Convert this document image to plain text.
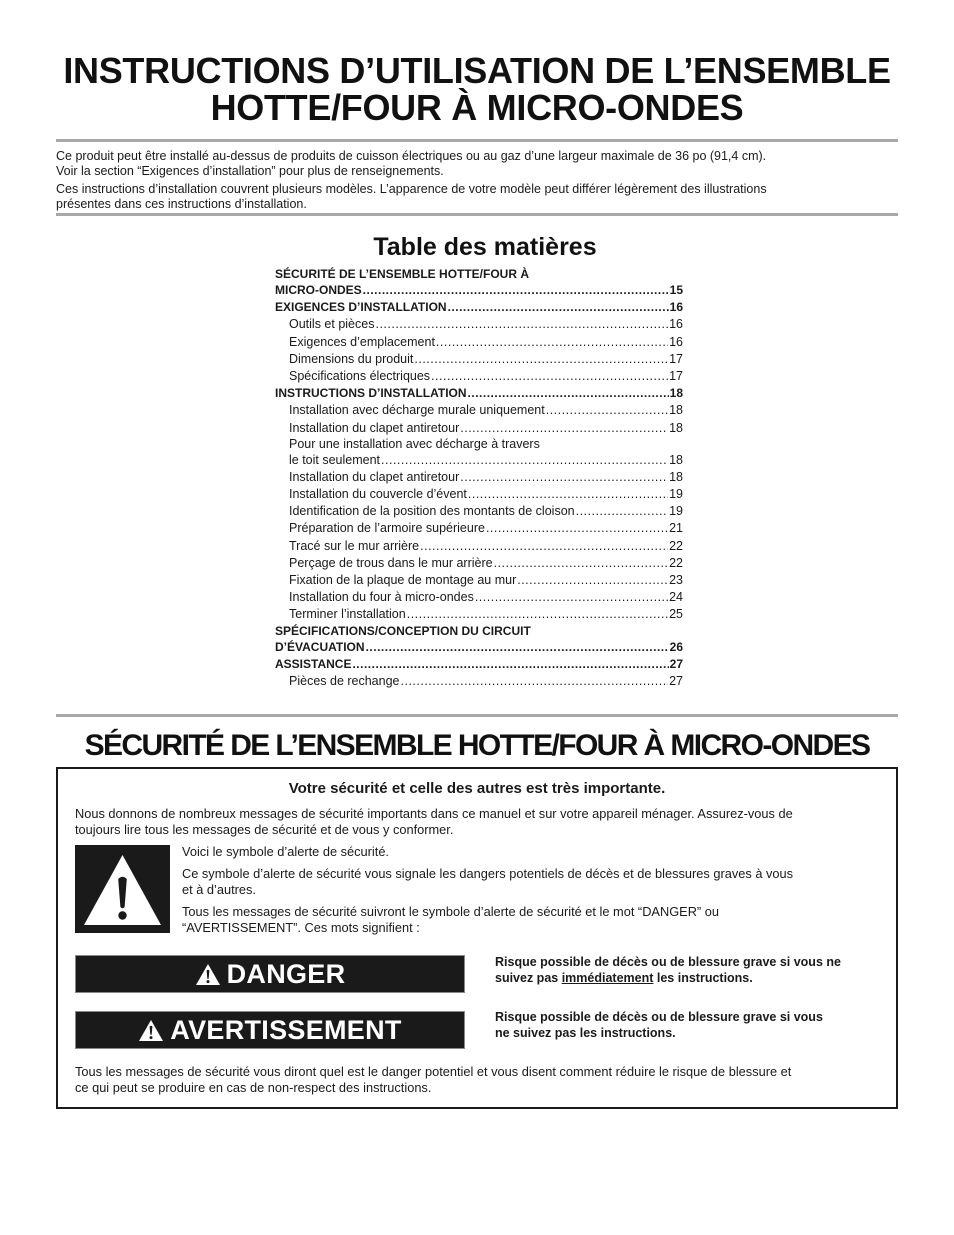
INSTRUCTIONS D’UTILISATION DE L’ENSEMBLE
HOTTE/FOUR À MICRO-ONDES

Ce produit peut être installé au-dessus de produits de cuisson électriques ou au gaz d’une largeur maximale de 36 po (91,4 cm).

Voir la section “Exigences d’installation” pour plus de renseignements.

Ces instructions d’installation couvrent plusieurs modèles. L’apparence de votre modèle peut différer légèrement des illustrations

présentes dans ces instructions d’installation.

Table des matières
SÉCURITÉ DE L’ENSEMBLE HOTTE/FOUR À
MICRO-ONDES .....	15
EXIGENCES D’INSTALLATION .....	16
Outils et pièces .....	16
Exigences d’emplacement .....	16
Dimensions du produit .....	17
Spécifications électriques .....	17
INSTRUCTIONS D’INSTALLATION .....	18
Installation avec décharge murale uniquement .....	18
Installation du clapet antiretour .....	18
Pour une installation avec décharge à travers
le toit seulement .....	18
Installation du clapet antiretour .....	18
Installation du couvercle d’évent .....	19
Identification de la position des montants de cloison .....	19
Préparation de l’armoire supérieure .....	21
Tracé sur le mur arrière .....	22
Perçage de trous dans le mur arrière .....	22
Fixation de la plaque de montage au mur .....	23
Installation du four à micro-ondes .....	24
Terminer l’installation .....	25
SPÉCIFICATIONS/CONCEPTION DU CIRCUIT
D’ÉVACUATION .....	26
ASSISTANCE .....	27
Pièces de rechange .....	27
SÉCURITÉ DE L’ENSEMBLE HOTTE/FOUR À MICRO-ONDES
Votre sécurité et celle des autres est très importante.
Nous donnons de nombreux messages de sécurité importants dans ce manuel et sur votre appareil ménager. Assurez-vous de
toujours lire tous les messages de sécurité et de vous y conformer.
Voici le symbole d’alerte de sécurité.
Ce symbole d’alerte de sécurité vous signale les dangers potentiels de décès et de blessures graves à vous
et à d’autres.
Tous les messages de sécurité suivront le symbole d’alerte de sécurité et le mot “DANGER” ou
“AVERTISSEMENT”. Ces mots signifient :
DANGER	Risque possible de décès ou de blessure grave si vous ne
suivez pas immédiatement les instructions.
AVERTISSEMENT	Risque possible de décès ou de blessure grave si vous
ne suivez pas les instructions.
Tous les messages de sécurité vous diront quel est le danger potentiel et vous disent comment réduire le risque de blessure et
ce qui peut se produire en cas de non-respect des instructions.
